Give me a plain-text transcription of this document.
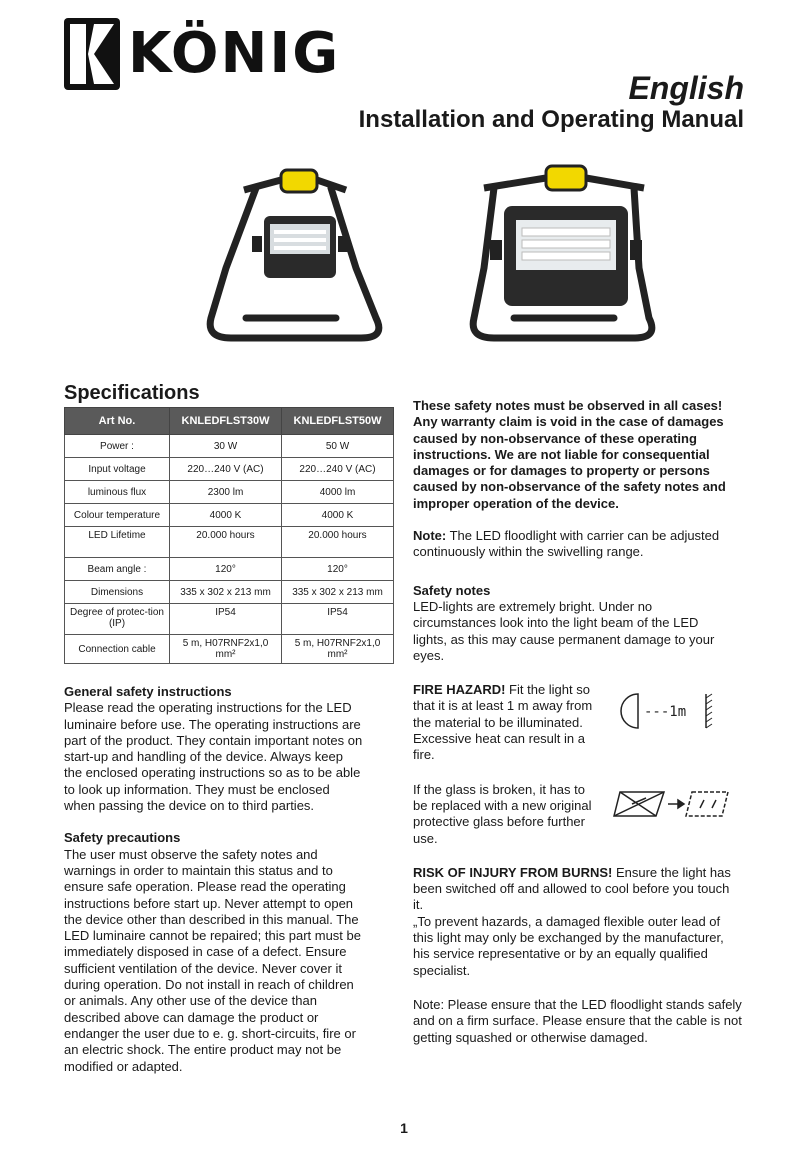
KÖNIG
English
Installation and Operating Manual
Specifications
Art No.	KNLEDFLST30W	KNLEDFLST50W
Power :	30 W	50 W
Input voltage	220…240 V (AC)	220…240 V (AC)
luminous flux	2300 lm	4000 lm
Colour temperature	4000 K	4000 K
LED Lifetime	20.000 hours	20.000 hours
Beam angle :	120°	120°
Dimensions	335 x 302 x 213 mm	335 x 302 x 213 mm
Degree of protec-tion (IP)	IP54	IP54
Connection cable	5 m, H07RNF2x1,0 mm²	5 m, H07RNF2x1,0 mm²
General safety instructions

Please read the operating instructions for the LED luminaire before use. The operating instructions are part of the product. They contain important notes on start-up and handling of the device. Always keep the enclosed operating instructions so as to be able to look up information. They must be enclosed when passing the device on to third parties.

Safety precautions

The user must observe the safety notes and warnings in order to maintain this status and to ensure safe operation. Please read the operating instructions before start up. Never attempt to open the device other than described in this manual. The LED luminaire cannot be repaired; this part must be immediately disposed in case of a defect. Ensure sufficient ventilation of the device. Never cover it during operation. Do not install in reach of children or animals. Any other use of the device than described above can damage the product or endanger the user due to e. g. short-circuits, fire or an electric shock. The entire product may not be modified or adapted.

These safety notes must be observed in all cases! Any warranty claim is void in the case of damages caused by non-observance of these operating instructions. We are not liable for consequential damages or for damages to property or persons caused by non-observance of the safety notes and improper operation of the device.

Note: The LED floodlight with carrier can be adjusted continuously within the swivelling range.

Safety notes

LED-lights are extremely bright. Under no circumstances look into the light beam of the LED lights, as this may cause permanent damage to your eyes.

FIRE HAZARD! Fit the light so that it is at least 1 m away from the material to be illuminated. Excessive heat can result in a fire.

If the glass is broken, it has to be replaced with a new original protective glass before further use.

RISK OF INJURY FROM BURNS! Ensure the light has been switched off and allowed to cool before you touch it.

„To prevent hazards, a damaged flexible outer lead of this light may only be exchanged by the manufacturer, his service representative or by an equally qualified specialist.

Note: Please ensure that the LED floodlight stands safely and on a firm surface. Please ensure that the cable is not getting squashed or otherwise damaged.

---1m
1
